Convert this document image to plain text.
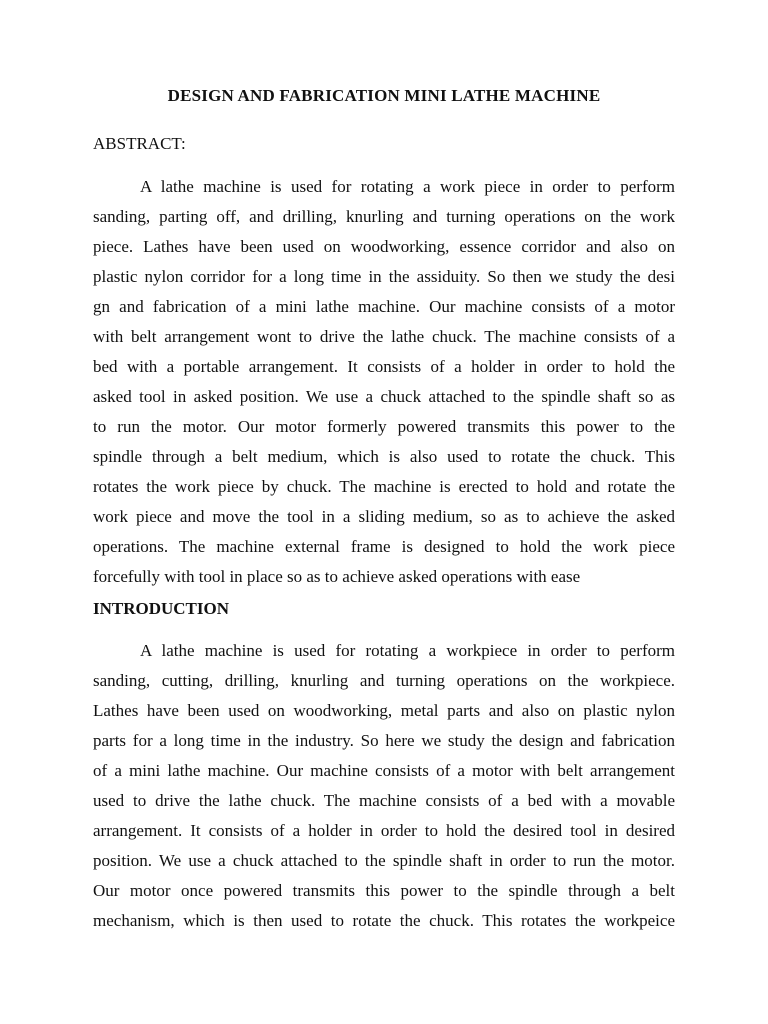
DESIGN AND FABRICATION MINI LATHE MACHINE

ABSTRACT:

A lathe machine is used for rotating a work piece in order to perform
sanding, parting off, and drilling, knurling and turning operations on the work
piece. Lathes have been used on woodworking, essence corridor and also on
plastic nylon corridor for a long time in the assiduity. So then we study the desi
gn and fabrication of a mini lathe machine. Our machine consists of a motor
with belt arrangement wont to drive the lathe chuck. The machine consists of a
bed with a portable arrangement. It consists of a holder in order to hold the
asked tool in asked position. We use a chuck attached to the spindle shaft so as
to run the motor. Our motor formerly powered transmits this power to the
spindle through a belt medium, which is also used to rotate the chuck. This
rotates the work piece by chuck. The machine is erected to hold and rotate the
work piece and move the tool in a sliding medium, so as to achieve the asked
operations. The machine external frame is designed to hold the work piece
forcefully with tool in place so as to achieve asked operations with ease
INTRODUCTION
A lathe machine is used for rotating a workpiece in order to perform
sanding, cutting, drilling, knurling and turning operations on the workpiece.
Lathes have been used on woodworking, metal parts and also on plastic nylon
parts for a long time in the industry. So here we study the design and fabrication
of a mini lathe machine. Our machine consists of a motor with belt arrangement
used to drive the lathe chuck. The machine consists of a bed with a movable
arrangement. It consists of a holder in order to hold the desired tool in desired
position. We use a chuck attached to the spindle shaft in order to run the motor.
Our motor once powered transmits this power to the spindle through a belt
mechanism, which is then used to rotate the chuck. This rotates the workpeice
